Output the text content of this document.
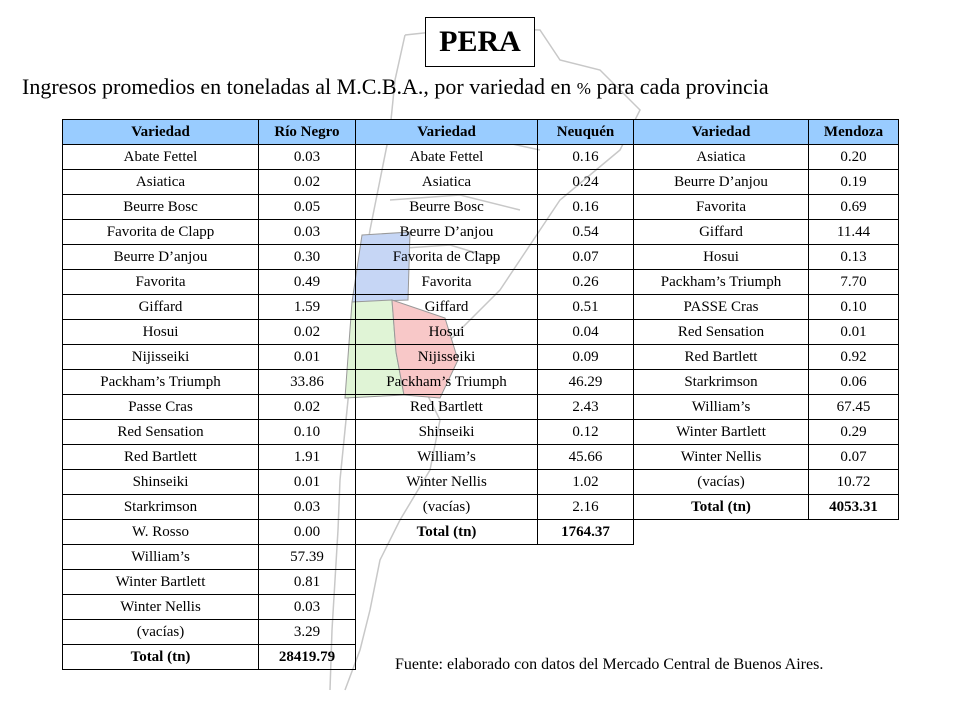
PERA
Ingresos promedios en toneladas al M.C.B.A., por variedad en % para cada provincia
Variedad	Río Negro
Abate Fettel	0.03
Asiatica	0.02
Beurre Bosc	0.05
Favorita de Clapp	0.03
Beurre D’anjou	0.30
Favorita	0.49
Giffard	1.59
Hosui	0.02
Nijisseiki	0.01
Packham’s Triumph	33.86
Passe Cras	0.02
Red Sensation	0.10
Red Bartlett	1.91
Shinseiki	0.01
Starkrimson	0.03
W. Rosso	0.00
William’s	57.39
Winter Bartlett	0.81
Winter Nellis	0.03
(vacías)	3.29
Total (tn)	28419.79
Variedad	Neuquén
Abate Fettel	0.16
Asiatica	0.24
Beurre Bosc	0.16
Beurre D’anjou	0.54
Favorita de Clapp	0.07
Favorita	0.26
Giffard	0.51
Hosui	0.04
Nijisseiki	0.09
Packham’s Triumph	46.29
Red Bartlett	2.43
Shinseiki	0.12
William’s	45.66
Winter Nellis	1.02
(vacías)	2.16
Total (tn)	1764.37
Variedad	Mendoza
Asiatica	0.20
Beurre D’anjou	0.19
Favorita	0.69
Giffard	11.44
Hosui	0.13
Packham’s Triumph	7.70
PASSE Cras	0.10
Red Sensation	0.01
Red Bartlett	0.92
Starkrimson	0.06
William’s	67.45
Winter Bartlett	0.29
Winter Nellis	0.07
(vacías)	10.72
Total (tn)	4053.31
Fuente: elaborado con datos del Mercado Central de Buenos Aires.
